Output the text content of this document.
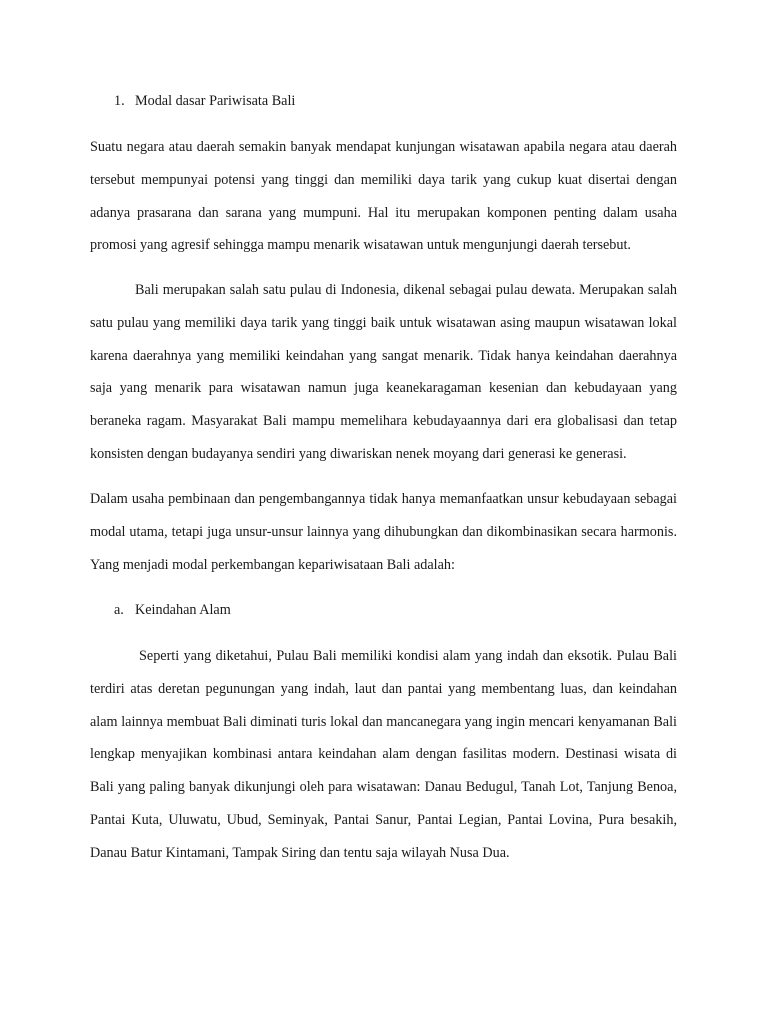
1. Modal dasar Pariwisata Bali

Suatu negara atau daerah semakin banyak mendapat kunjungan wisatawan apabila negara atau daerah tersebut mempunyai potensi yang tinggi dan memiliki daya tarik yang cukup kuat disertai dengan adanya prasarana dan sarana yang mumpuni. Hal itu merupakan komponen penting dalam usaha promosi yang agresif sehingga mampu menarik wisatawan untuk mengunjungi daerah tersebut.

Bali merupakan salah satu pulau di Indonesia, dikenal sebagai pulau dewata. Merupakan salah satu pulau yang memiliki daya tarik yang tinggi baik untuk wisatawan asing maupun wisatawan lokal karena daerahnya yang memiliki keindahan yang sangat menarik. Tidak hanya keindahan daerahnya saja yang menarik para wisatawan namun juga keanekaragaman kesenian dan kebudayaan yang beraneka ragam. Masyarakat Bali mampu memelihara kebudayaannya dari era globalisasi dan tetap konsisten dengan budayanya sendiri yang diwariskan nenek moyang dari generasi ke generasi.

Dalam usaha pembinaan dan pengembangannya tidak hanya memanfaatkan unsur kebudayaan sebagai modal utama, tetapi juga unsur-unsur lainnya yang dihubungkan dan dikombinasikan secara harmonis. Yang menjadi modal perkembangan kepariwisataan Bali adalah:

a. Keindahan Alam

Seperti yang diketahui, Pulau Bali memiliki kondisi alam yang indah dan eksotik. Pulau Bali terdiri atas deretan pegunungan yang indah, laut dan pantai yang membentang luas, dan keindahan alam lainnya membuat Bali diminati turis lokal dan mancanegara yang ingin mencari kenyamanan Bali lengkap menyajikan kombinasi antara keindahan alam dengan fasilitas modern. Destinasi wisata di Bali yang paling banyak dikunjungi oleh para wisatawan: Danau Bedugul, Tanah Lot, Tanjung Benoa, Pantai Kuta, Uluwatu, Ubud, Seminyak, Pantai Sanur, Pantai Legian, Pantai Lovina, Pura besakih, Danau Batur Kintamani, Tampak Siring dan tentu saja wilayah Nusa Dua.
